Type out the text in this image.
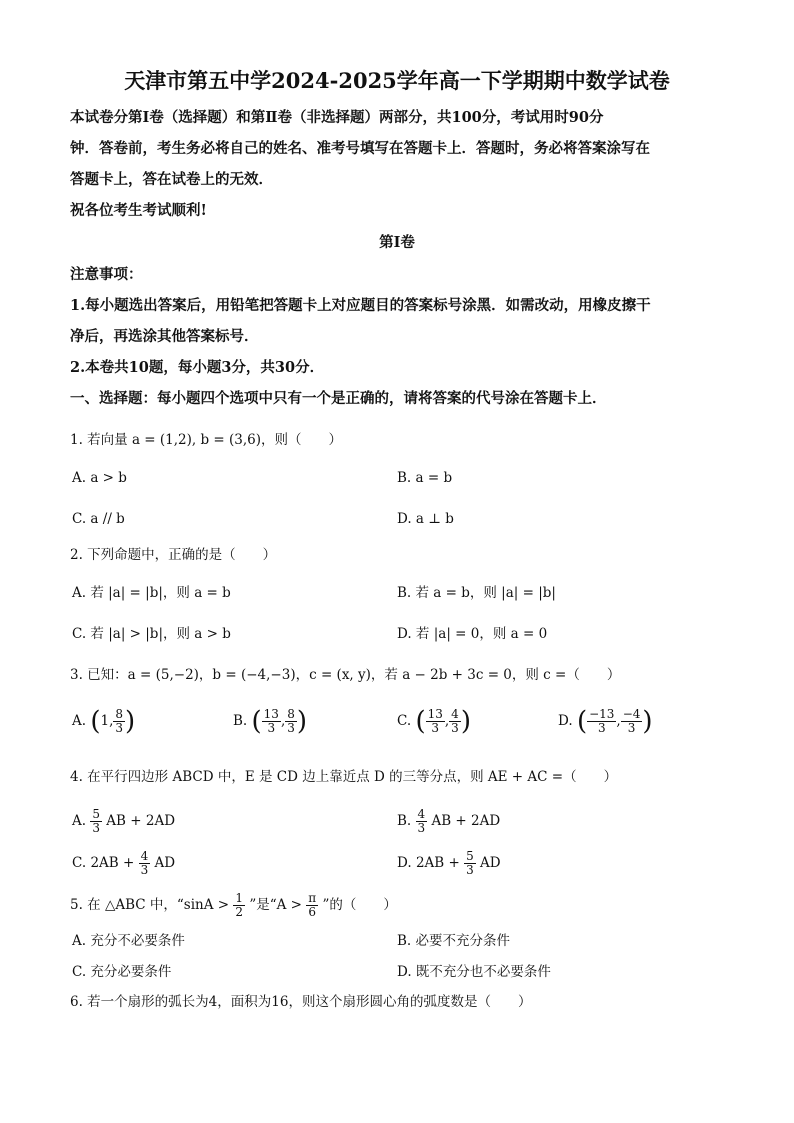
天津市第五中学2024-2025学年高一下学期期中数学试卷
本试卷分第Ⅰ卷（选择题）和第Ⅱ卷（非选择题）两部分，共100分，考试用时90分
钟．答卷前，考生务必将自己的姓名、准考号填写在答题卡上．答题时，务必将答案涂写在
答题卡上，答在试卷上的无效．
祝各位考生考试顺利!
第Ⅰ卷
注意事项：
1.每小题选出答案后，用铅笔把答题卡上对应题目的答案标号涂黑．如需改动，用橡皮擦干
净后，再选涂其他答案标号．
2.本卷共10题，每小题3分，共30分．
一、选择题：每小题四个选项中只有一个是正确的，请将答案的代号涂在答题卡上．
1. 若向量 a = (1,2), b = (3,6)，则（　　）
A. a > b	B. a = b
C. a // b	D. a ⊥ b
2. 下列命题中，正确的是（　　）
A. 若 |a| = |b|，则 a = b	B. 若 a = b，则 |a| = |b|
C. 若 |a| > |b|，则 a > b	D. 若 |a| = 0，则 a = 0
3. 已知：a = (5,−2)，b = (−4,−3)，c = (x, y)，若 a − 2b + 3c = 0，则 c =（　　）
A. (1, $\frac{8}{3}$ )	B. ( $\frac{13}{3}$ , $\frac{8}{3}$ )	C. ( $\frac{13}{3}$ , $\frac{4}{3}$ )	D. ( $\frac{-13}{3}$ , $\frac{-4}{3}$ )
4. 在平行四边形 ABCD 中，E 是 CD 边上靠近点 D 的三等分点，则 AE + AC =（　　）
A. $\frac{5}{3}$ AB + 2AD	B. $\frac{4}{3}$ AB + 2AD
C. $2AB + \frac{4}{3}$ AD	D. $2AB + \frac{5}{3}$ AD
5. 在 △ABC 中，“$\sin A > \frac{1}{2}$ ”是“$A > \frac{\pi}{6}$ ”的（　　）
A. 充分不必要条件	B. 必要不充分条件
C. 充分必要条件	D. 既不充分也不必要条件
6. 若一个扇形的弧长为4，面积为16，则这个扇形圆心角的弧度数是（　　）
